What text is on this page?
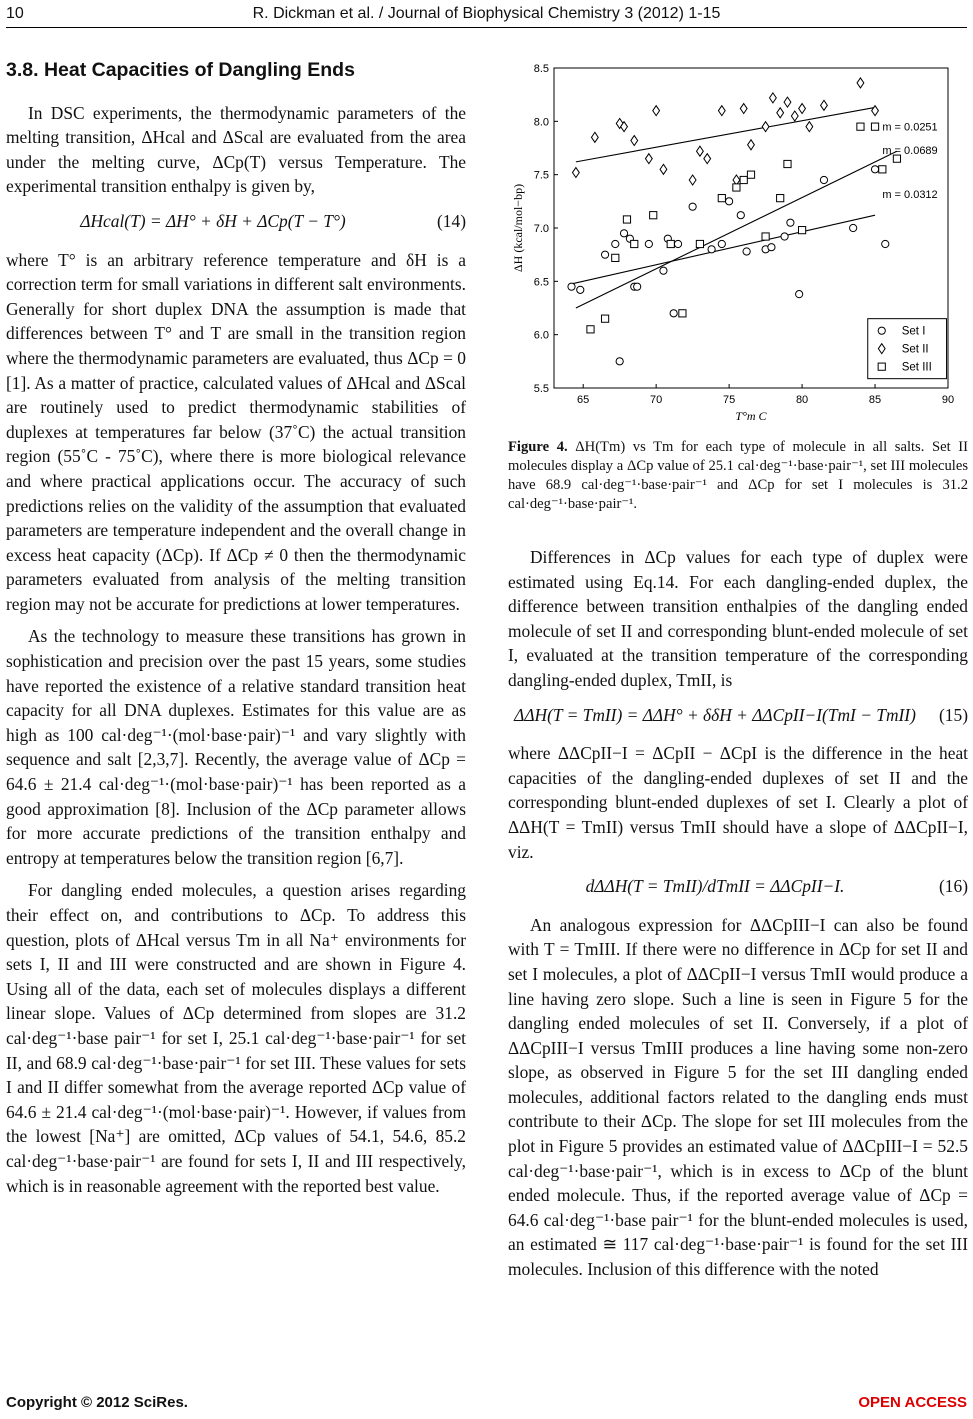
10	R. Dickman et al. / Journal of Biophysical Chemistry 3 (2012) 1-15
3.8. Heat Capacities of Dangling Ends

In DSC experiments, the thermodynamic parameters of the melting transition, ΔHcal and ΔScal are evaluated from the area under the melting curve, ΔCp(T) versus Temperature. The experimental transition enthalpy is given by,

ΔHcal(T) = ΔH° + δH + ΔCp(T − T°)	(14)

where T° is an arbitrary reference temperature and δH is a correction term for small variations in different salt environments. Generally for short duplex DNA the assumption is made that differences between T° and T are small in the transition region where the thermodynamic parameters are evaluated, thus ΔCp = 0 [1]. As a matter of practice, calculated values of ΔHcal and ΔScal are routinely used to predict thermodynamic stabilities of duplexes at temperatures far below (37˚C) the actual transition region (55˚C - 75˚C), where there is more biological relevance and where practical applications occur. The accuracy of such predictions relies on the validity of the assumption that evaluated parameters are temperature independent and the overall change in excess heat capacity (ΔCp). If ΔCp ≠ 0 then the thermodynamic parameters evaluated from analysis of the melting transition region may not be accurate for predictions at lower temperatures.

As the technology to measure these transitions has grown in sophistication and precision over the past 15 years, some studies have reported the existence of a relative standard transition heat capacity for all DNA duplexes. Estimates for this value are as high as 100 cal·deg⁻¹·(mol·base·pair)⁻¹ and vary slightly with sequence and salt [2,3,7]. Recently, the average value of ΔCp = 64.6 ± 21.4 cal·deg⁻¹·(mol·base·pair)⁻¹ has been reported as a good approximation [8]. Inclusion of the ΔCp parameter allows for more accurate predictions of the transition enthalpy and entropy at temperatures below the transition region [6,7].

For dangling ended molecules, a question arises regarding their effect on, and contributions to ΔCp. To address this question, plots of ΔHcal versus Tm in all Na⁺ environments for sets I, II and III were constructed and are shown in Figure 4. Using all of the data, each set of molecules displays a different linear slope. Values of ΔCp determined from slopes are 31.2 cal·deg⁻¹·base pair⁻¹ for set I, 25.1 cal·deg⁻¹·base·pair⁻¹ for set II, and 68.9 cal·deg⁻¹·base·pair⁻¹ for set III. These values for sets I and II differ somewhat from the average reported ΔCp value of 64.6 ± 21.4 cal·deg⁻¹·(mol·base·pair)⁻¹. However, if values from the lowest [Na⁺] are omitted, ΔCp values of 54.1, 54.6, 85.2 cal·deg⁻¹·base·pair⁻¹ are found for sets I, II and III respectively, which is in reasonable agreement with the reported best value.

65	70	75	80	85	90
5.5
6.0
6.5
7.0
7.5
8.0
8.5
T°m C
ΔH (kcal/mol−bp)
m = 0.0251
m = 0.0689
m = 0.0312
Set I
Set II
Set III
Figure 4. ΔH(Tm) vs Tm for each type of molecule in all salts. Set II molecules display a ΔCp value of 25.1 cal·deg⁻¹·base·pair⁻¹, set III molecules have 68.9 cal·deg⁻¹·base·pair⁻¹ and ΔCp for set I molecules is 31.2 cal·deg⁻¹·base·pair⁻¹.

Differences in ΔCp values for each type of duplex were estimated using Eq.14. For each dangling-ended duplex, the difference between transition enthalpies of the dangling ended molecule of set II and corresponding blunt-ended molecule of set I, evaluated at the transition temperature of the corresponding dangling-ended duplex, TmII, is

ΔΔH(T = TmII) = ΔΔH° + δδH + ΔΔCpII−I(TmI − TmII)	(15)

where ΔΔCpII−I = ΔCpII − ΔCpI is the difference in the heat capacities of the dangling-ended duplexes of set II and the corresponding blunt-ended duplexes of set I. Clearly a plot of ΔΔH(T = TmII) versus TmII should have a slope of ΔΔCpII−I, viz.

dΔΔH(T = TmII)/dTmII = ΔΔCpII−I.	(16)

An analogous expression for ΔΔCpIII−I can also be found with T = TmIII. If there were no difference in ΔCp for set II and set I molecules, a plot of ΔΔCpII−I versus TmII would produce a line having zero slope. Such a line is seen in Figure 5 for the dangling ended molecules of set II. Conversely, if a plot of ΔΔCpIII−I versus TmIII produces a line having some non-zero slope, as observed in Figure 5 for the set III dangling ended molecules, additional factors related to the dangling ends must contribute to their ΔCp. The slope for set III molecules from the plot in Figure 5 provides an estimated value of ΔΔCpIII−I = 52.5 cal·deg⁻¹·base·pair⁻¹, which is in excess to ΔCp of the blunt ended molecule. Thus, if the reported average value of ΔCp = 64.6 cal·deg⁻¹·base pair⁻¹ for the blunt-ended molecules is used, an estimated ≅ 117 cal·deg⁻¹·base·pair⁻¹ is found for the set III molecules. Inclusion of this difference with the noted

Copyright © 2012 SciRes.	OPEN ACCESS
